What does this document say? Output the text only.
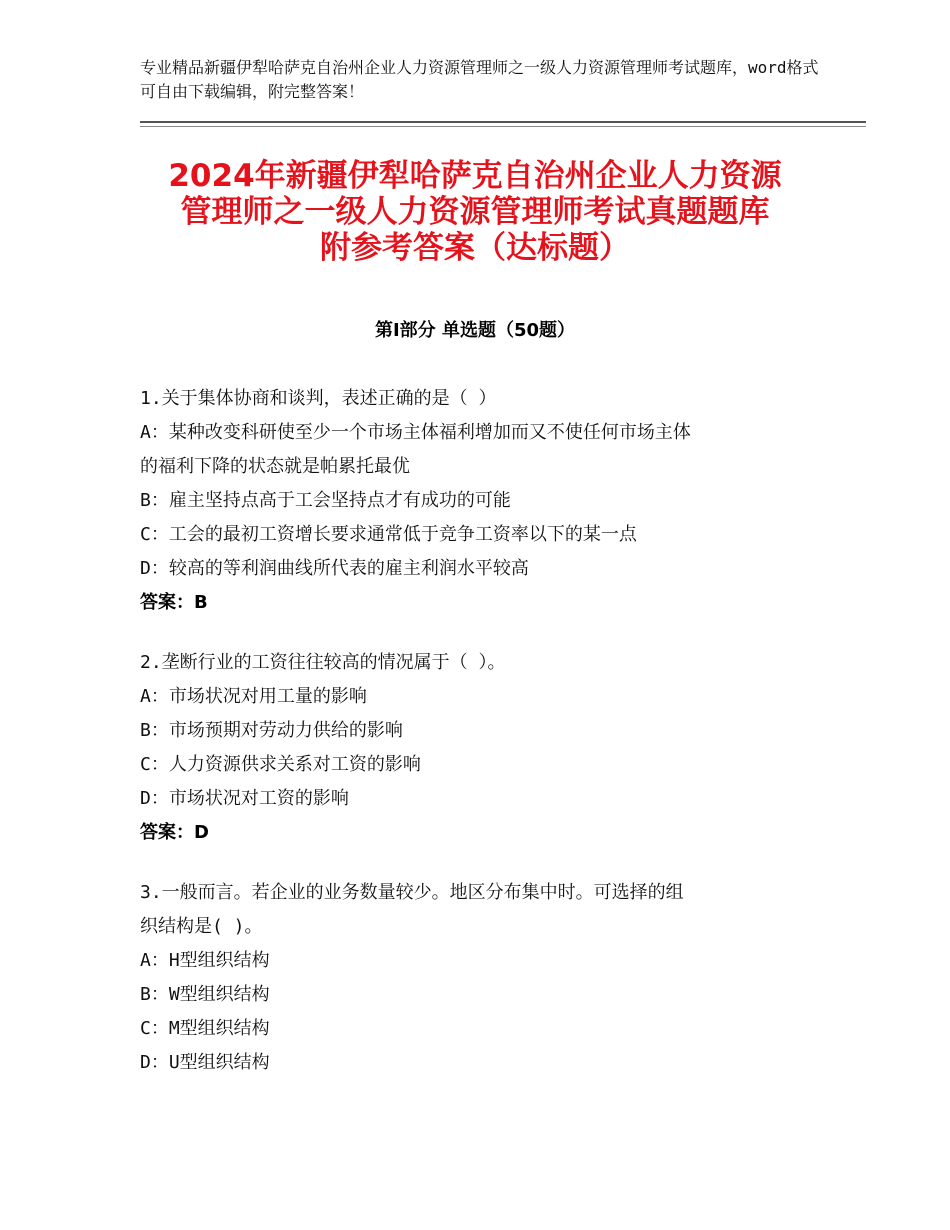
专业精品新疆伊犁哈萨克自治州企业人力资源管理师之一级人力资源管理师考试题库，word格式可自由下载编辑，附完整答案！
2024年新疆伊犁哈萨克自治州企业人力资源
管理师之一级人力资源管理师考试真题题库
附参考答案（达标题）
第Ⅰ部分 单选题（50题）
1.关于集体协商和谈判，表述正确的是（ ）
A：某种改变科研使至少一个市场主体福利增加而又不使任何市场主体
的福利下降的状态就是帕累托最优
B：雇主坚持点高于工会坚持点才有成功的可能
C：工会的最初工资增长要求通常低于竞争工资率以下的某一点
D：较高的等利润曲线所代表的雇主利润水平较高
答案：B
2.垄断行业的工资往往较高的情况属于（ ）。
A：市场状况对用工量的影响
B：市场预期对劳动力供给的影响
C：人力资源供求关系对工资的影响
D：市场状况对工资的影响
答案：D
3.一般而言。若企业的业务数量较少。地区分布集中时。可选择的组
织结构是( )。
A：H型组织结构
B：W型组织结构
C：M型组织结构
D：U型组织结构
